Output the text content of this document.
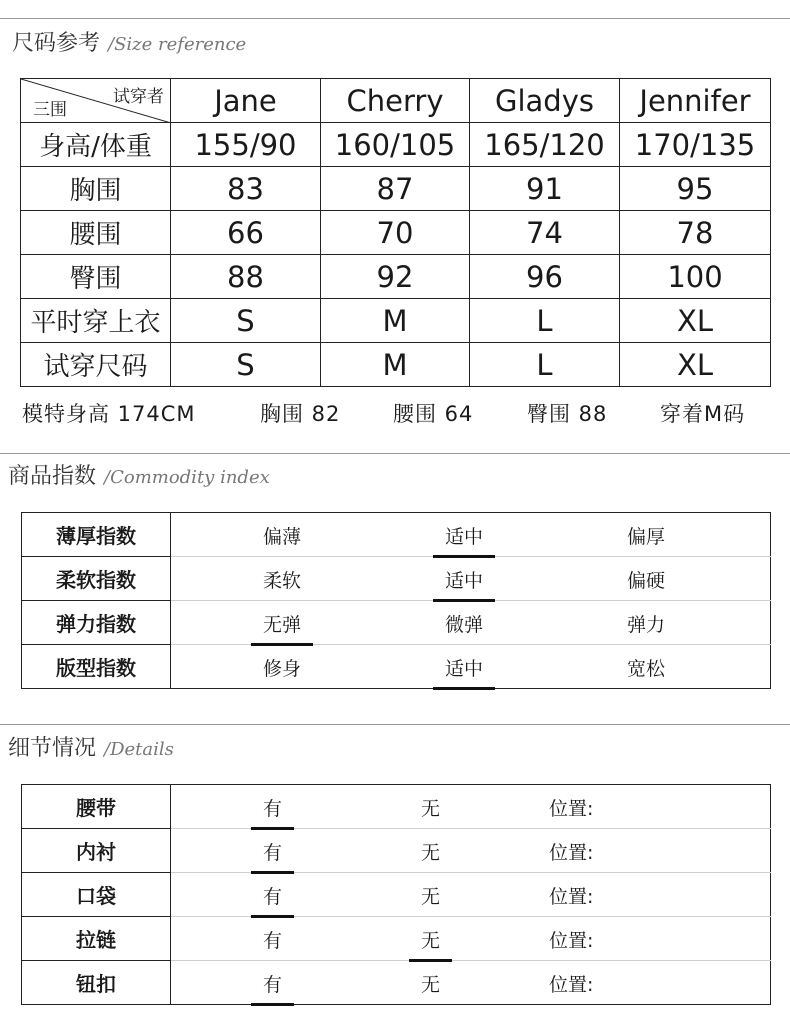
尺码参考 /Size reference
试穿者
三围	Jane	Cherry	Gladys	Jennifer
身高/体重	155/90	160/105	165/120	170/135
胸围	83	87	91	95
腰围	66	70	74	78
臀围	88	92	96	100
平时穿上衣	S	M	L	XL
试穿尺码	S	M	L	XL
模特身高 174CM	胸围 82	腰围 64	臀围 88	穿着M码
商品指数 /Commodity index
薄厚指数	偏薄 适中 偏厚

柔软指数	柔软 适中 偏硬

弹力指数	无弹 微弹 弹力

版型指数	修身 适中 宽松
细节情况 /Details
腰带	有 无 位置:

内衬	有 无 位置:

口袋	有 无 位置:

拉链	有 无 位置:

钮扣	有 无 位置:
